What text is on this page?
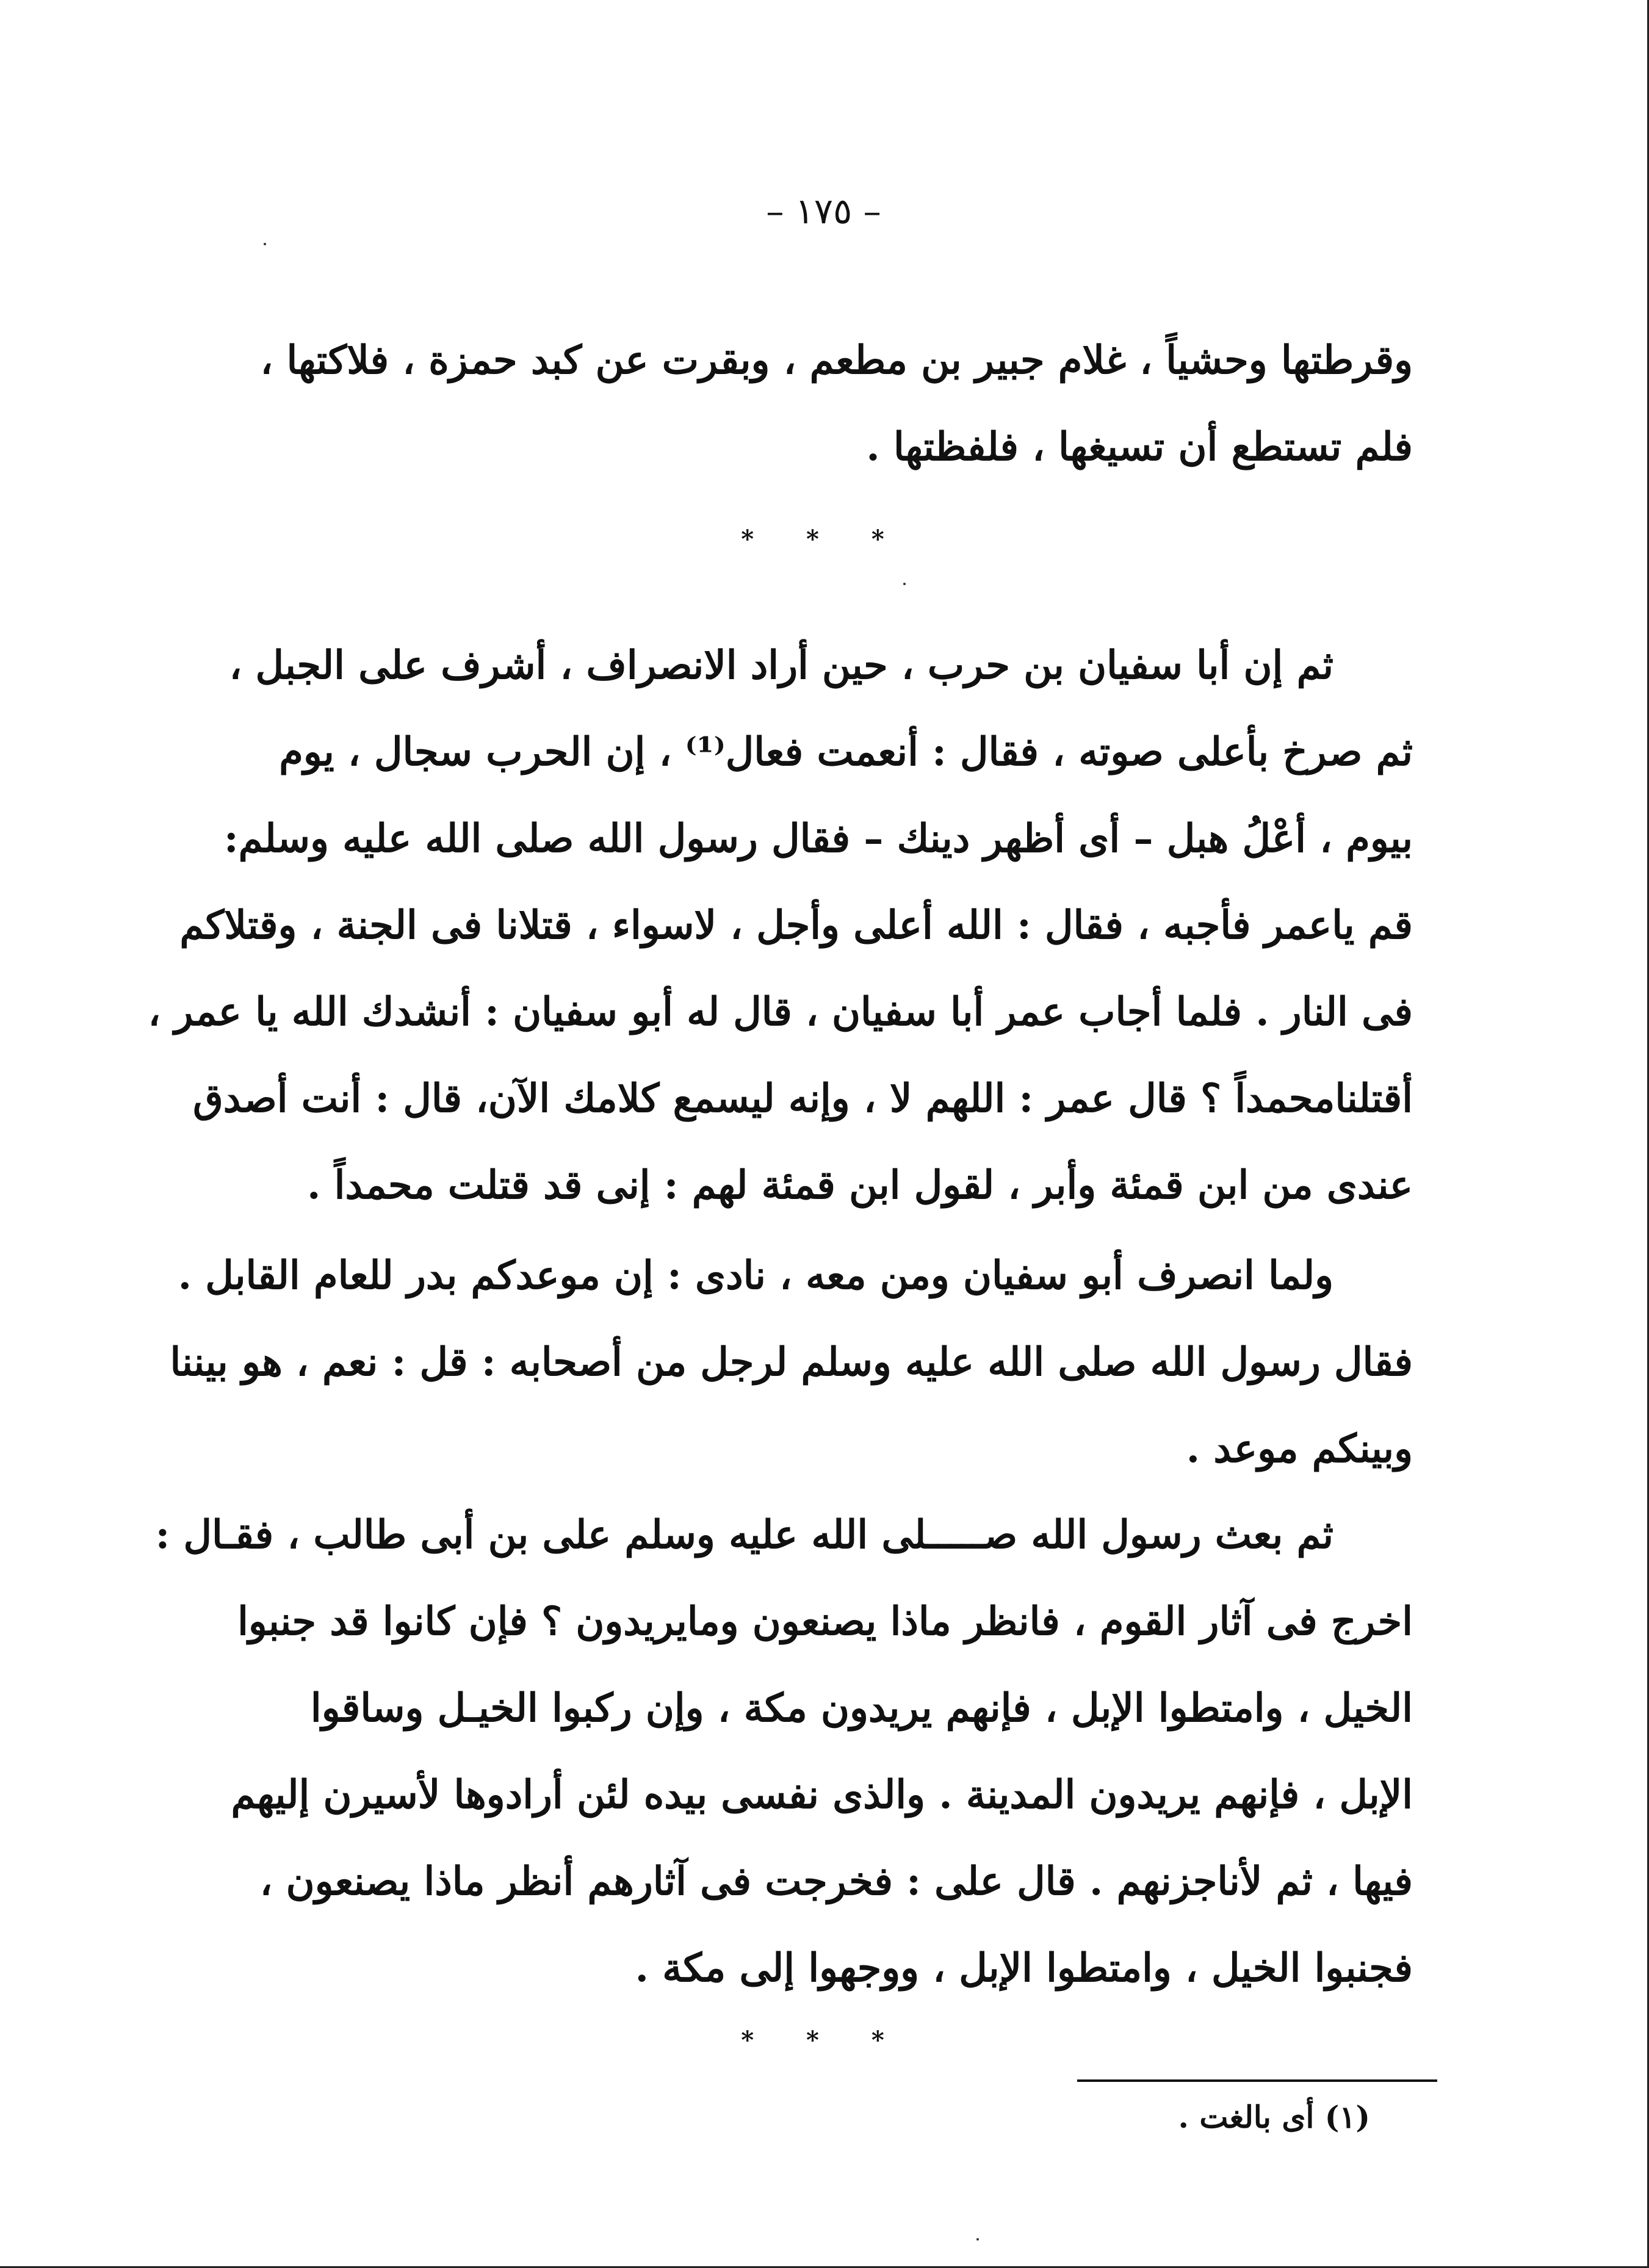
– ١٧٥ –
وقرطتها وحشياً ، غلام جبير بن مطعم ، وبقرت عن كبد حمزة ، فلاكتها ،
فلم تستطع أن تسيغها ، فلفظتها .
* * *
ثم إن أبا سفيان بن حرب ، حين أراد الانصراف ، أشرف على الجبل ،
ثم صرخ بأعلى صوته ، فقال : أنعمت فعال⁽¹⁾ ، إن الحرب سجال ، يوم
بيوم ، أعْلُ هبل – أى أظهر دينك – فقال رسول الله صلى الله عليه وسلم:
قم ياعمر فأجبه ، فقال : الله أعلى وأجل ، لاسواء ، قتلانا فى الجنة ، وقتلاكم
فى النار . فلما أجاب عمر أبا سفيان ، قال له أبو سفيان : أنشدك الله يا عمر ،
أقتلنامحمداً ؟ قال عمر : اللهم لا ، وإنه ليسمع كلامك الآن، قال : أنت أصدق
عندى من ابن قمئة وأبر ، لقول ابن قمئة لهم : إنى قد قتلت محمداً .
ولما انصرف أبو سفيان ومن معه ، نادى : إن موعدكم بدر للعام القابل .
فقال رسول الله صلى الله عليه وسلم لرجل من أصحابه : قل : نعم ، هو بيننا
وبينكم موعد .
ثم بعث رسول الله صـــــلى الله عليه وسلم على بن أبى طالب ، فقـال :
اخرج فى آثار القوم ، فانظر ماذا يصنعون ومايريدون ؟ فإن كانوا قد جنبوا
الخيل ، وامتطوا الإبل ، فإنهم يريدون مكة ، وإن ركبوا الخيـل وساقوا
الإبل ، فإنهم يريدون المدينة . والذى نفسى بيده لئن أرادوها لأسيرن إليهم
فيها ، ثم لأناجزنهم . قال على : فخرجت فى آثارهم أنظر ماذا يصنعون ،
فجنبوا الخيل ، وامتطوا الإبل ، ووجهوا إلى مكة .
* * *
(١) أى بالغت .
